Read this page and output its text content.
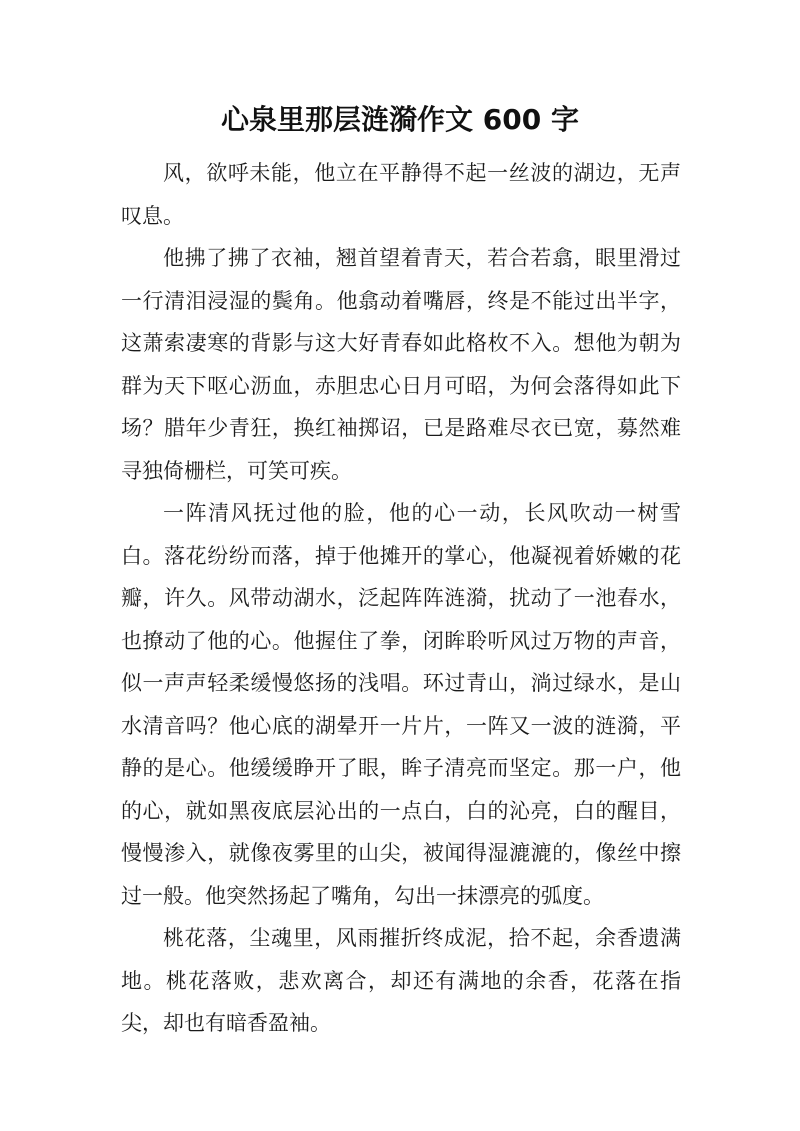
心泉里那层涟漪作文 600 字

风，欲呼未能，他立在平静得不起一丝波的湖边，无声叹息。

他拂了拂了衣袖，翘首望着青天，若合若翕，眼里滑过一行清泪浸湿的鬓角。他翕动着嘴唇，终是不能过出半字，这萧索凄寒的背影与这大好青春如此格枚不入。想他为朝为群为天下呕心沥血，赤胆忠心日月可昭，为何会落得如此下场？腊年少青狂，换红袖掷诏，已是路难尽衣已宽，募然难寻独倚栅栏，可笑可疾。

一阵清风抚过他的脸，他的心一动，长风吹动一树雪白。落花纷纷而落，掉于他摊开的掌心，他凝视着娇嫩的花瓣，许久。风带动湖水，泛起阵阵涟漪，扰动了一池春水，也撩动了他的心。他握住了拳，闭眸聆听风过万物的声音，似一声声轻柔缓慢悠扬的浅唱。环过青山，淌过绿水，是山水清音吗？他心底的湖晕开一片片，一阵又一波的涟漪，平静的是心。他缓缓睁开了眼，眸子清亮而坚定。那一户，他的心，就如黑夜底层沁出的一点白，白的沁亮，白的醒目，慢慢渗入，就像夜雾里的山尖，被闻得湿漉漉的，像丝中擦过一般。他突然扬起了嘴角，勾出一抹漂亮的弧度。

桃花落，尘魂里，风雨摧折终成泥，拾不起，余香遗满地。桃花落败，悲欢离合，却还有满地的余香，花落在指尖，却也有暗香盈袖。
